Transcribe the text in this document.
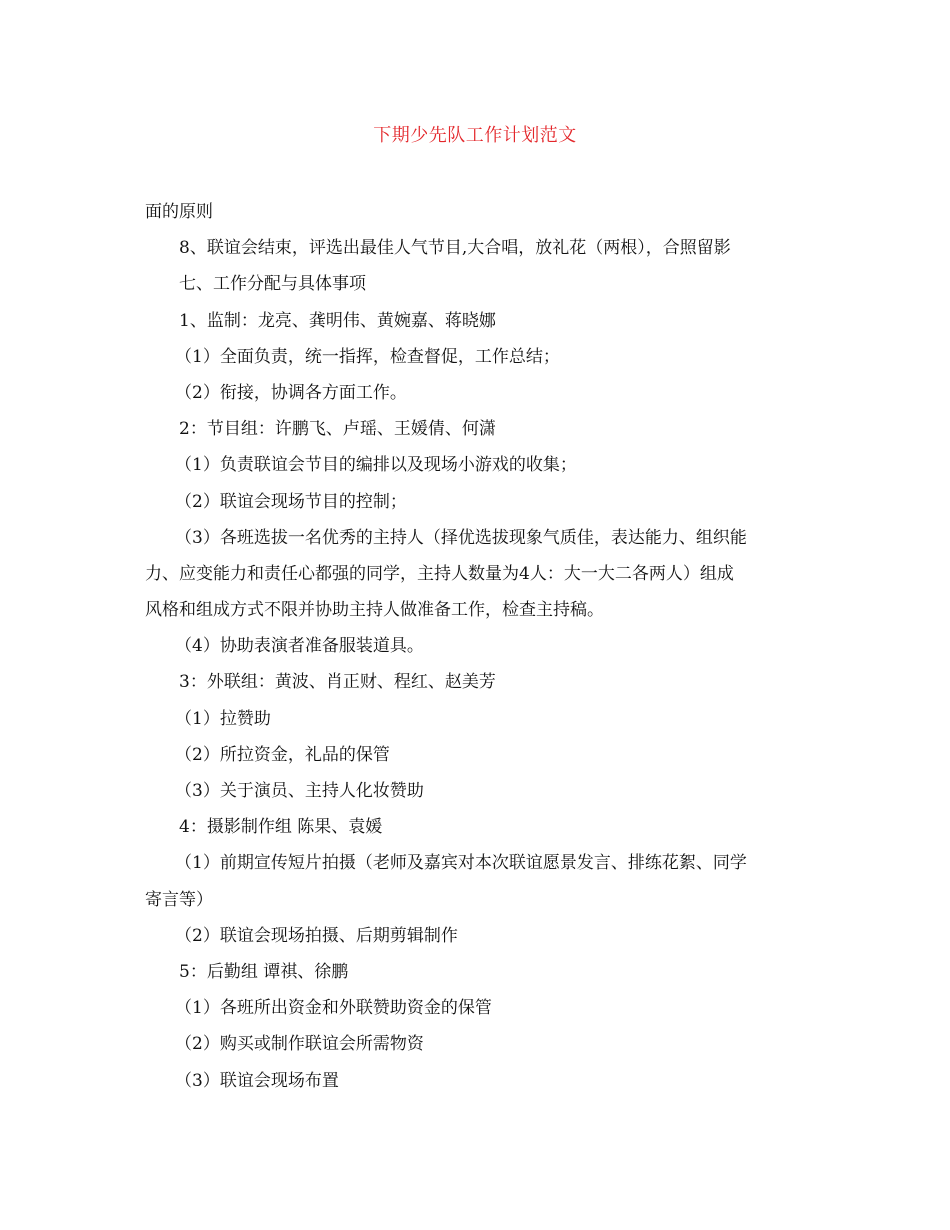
下期少先队工作计划范文
面的原则
8、联谊会结束，评选出最佳人气节目,大合唱，放礼花（两根），合照留影
七、工作分配与具体事项
1、监制：龙亮、龚明伟、黄婉嘉、蒋晓娜
（1）全面负责，统一指挥，检查督促，工作总结；
（2）衔接，协调各方面工作。
2：节目组：许鹏飞、卢瑶、王媛倩、何潇
（1）负责联谊会节目的编排以及现场小游戏的收集；
（2）联谊会现场节目的控制；
（3）各班选拔一名优秀的主持人（择优选拔现象气质佳，表达能力、组织能
力、应变能力和责任心都强的同学，主持人数量为4人：大一大二各两人）组成
风格和组成方式不限并协助主持人做准备工作，检查主持稿。
（4）协助表演者准备服装道具。
3：外联组：黄波、肖正财、程红、赵美芳
（1）拉赞助
（2）所拉资金，礼品的保管
（3）关于演员、主持人化妆赞助
4：摄影制作组 陈果、袁媛
（1）前期宣传短片拍摄（老师及嘉宾对本次联谊愿景发言、排练花絮、同学
寄言等）
（2）联谊会现场拍摄、后期剪辑制作
5：后勤组 谭祺、徐鹏
（1）各班所出资金和外联赞助资金的保管
（2）购买或制作联谊会所需物资
（3）联谊会现场布置
